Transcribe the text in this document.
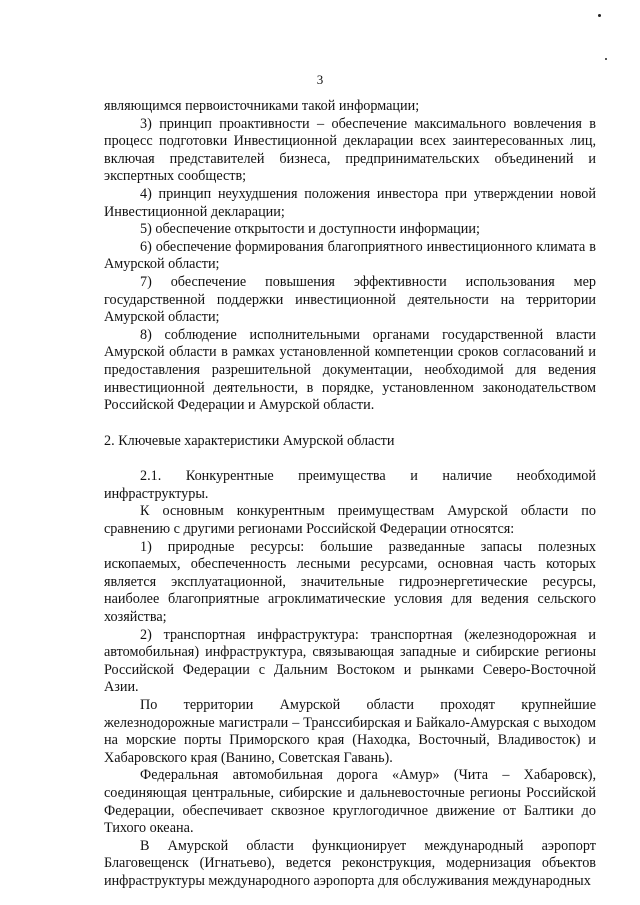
3

являющимся первоисточниками такой информации;

3) принцип проактивности – обеспечение максимального вовлечения в процесс подготовки Инвестиционной декларации всех заинтересованных лиц, включая представителей бизнеса, предпринимательских объединений и экспертных сообществ;

4) принцип неухудшения положения инвестора при утверждении новой Инвестиционной декларации;

5) обеспечение открытости и доступности информации;

6) обеспечение формирования благоприятного инвестиционного климата в Амурской области;

7) обеспечение повышения эффективности использования мер государственной поддержки инвестиционной деятельности на территории Амурской области;

8) соблюдение исполнительными органами государственной власти Амурской области в рамках установленной компетенции сроков согласований и предоставления разрешительной документации, необходимой для ведения инвестиционной деятельности, в порядке, установленном законодательством Российской Федерации и Амурской области.

2. Ключевые характеристики Амурской области

2.1. Конкурентные преимущества и наличие необходимой инфраструктуры.

К основным конкурентным преимуществам Амурской области по сравнению с другими регионами Российской Федерации относятся:

1) природные ресурсы: большие разведанные запасы полезных ископаемых, обеспеченность лесными ресурсами, основная часть которых является эксплуатационной, значительные гидроэнергетические ресурсы, наиболее благоприятные агроклиматические условия для ведения сельского хозяйства;

2) транспортная инфраструктура: транспортная (железнодорожная и автомобильная) инфраструктура, связывающая западные и сибирские регионы Российской Федерации с Дальним Востоком и рынками Северо-Восточной Азии.

По территории Амурской области проходят крупнейшие железнодорожные магистрали – Транссибирская и Байкало-Амурская с выходом на морские порты Приморского края (Находка, Восточный, Владивосток) и Хабаровского края (Ванино, Советская Гавань).

Федеральная автомобильная дорога «Амур» (Чита – Хабаровск), соединяющая центральные, сибирские и дальневосточные регионы Российской Федерации, обеспечивает сквозное круглогодичное движение от Балтики до Тихого океана.

В Амурской области функционирует международный аэропорт Благовещенск (Игнатьево), ведется реконструкция, модернизация объектов инфраструктуры международного аэропорта для обслуживания международных
